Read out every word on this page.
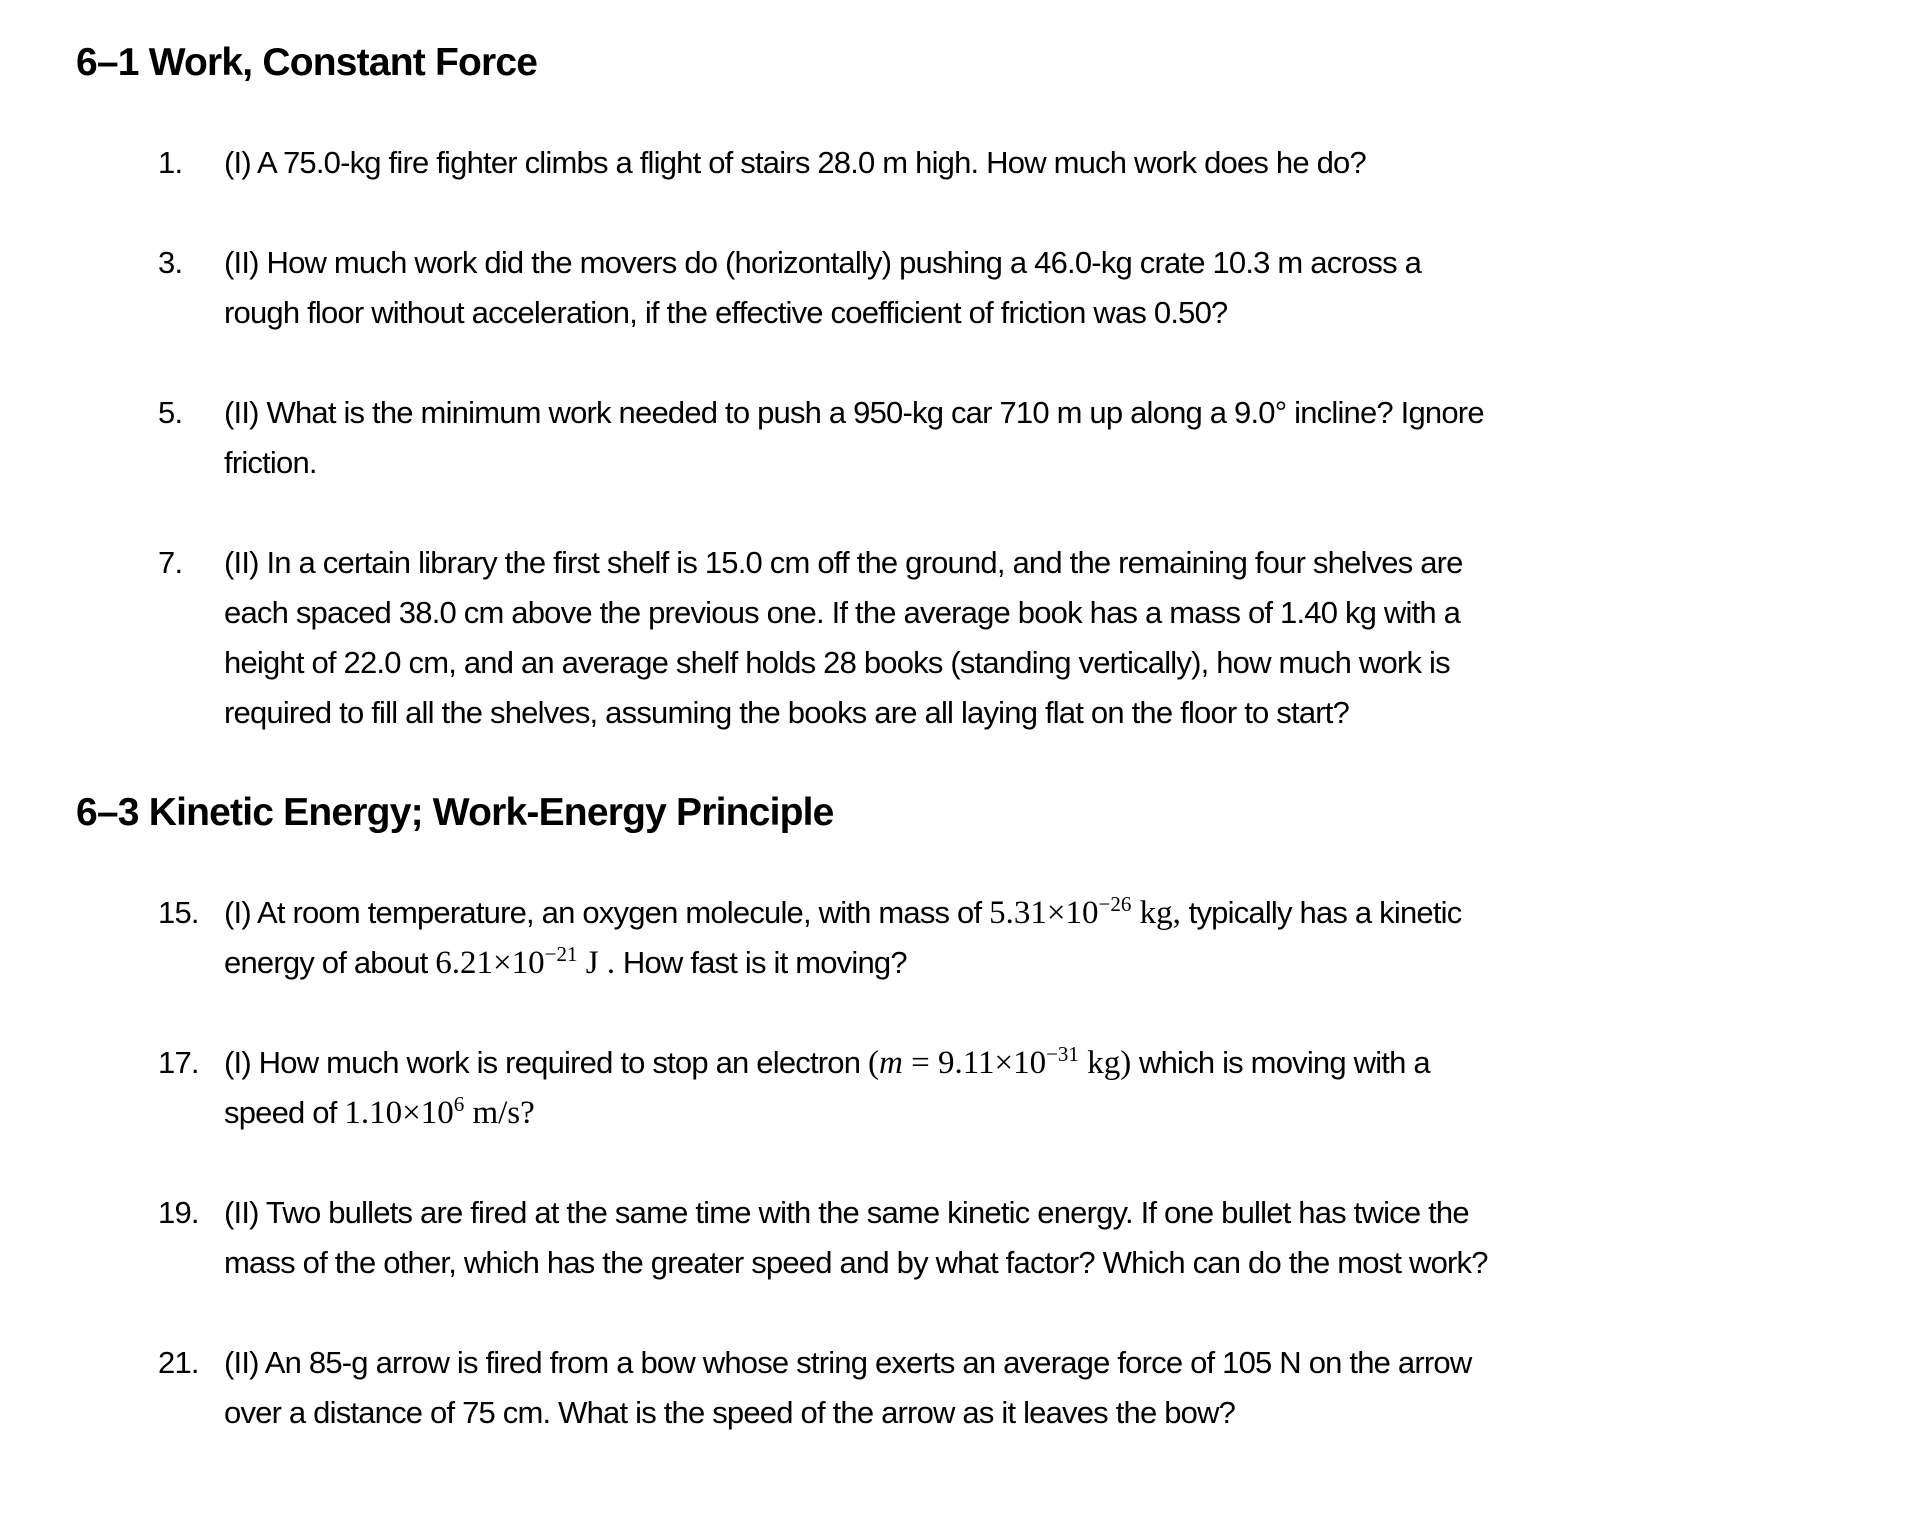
6–1 Work, Constant Force
1.	(I) A 75.0-kg fire fighter climbs a flight of stairs 28.0 m high. How much work does he do?
3.	(II) How much work did the movers do (horizontally) pushing a 46.0-kg crate 10.3 m across a rough floor without acceleration, if the effective coefficient of friction was 0.50?
5.	(II) What is the minimum work needed to push a 950-kg car 710 m up along a 9.0° incline? Ignore friction.
7.	(II) In a certain library the first shelf is 15.0 cm off the ground, and the remaining four shelves are each spaced 38.0 cm above the previous one. If the average book has a mass of 1.40 kg with a height of 22.0 cm, and an average shelf holds 28 books (standing vertically), how much work is required to fill all the shelves, assuming the books are all laying flat on the floor to start?
6–3 Kinetic Energy; Work-Energy Principle
15. (I) At room temperature, an oxygen molecule, with mass of $5.31\times 10^{-26}$ kg, typically has a kinetic energy of about $6.21\times 10^{-21}$ J . How fast is it moving?
17. (I) How much work is required to stop an electron ($m = 9.11\times 10^{-31}$ kg) which is moving with a speed of $1.10\times 10^6$ m/s?
19. (II) Two bullets are fired at the same time with the same kinetic energy. If one bullet has twice the mass of the other, which has the greater speed and by what factor? Which can do the most work?
21. (II) An 85-g arrow is fired from a bow whose string exerts an average force of 105 N on the arrow over a distance of 75 cm. What is the speed of the arrow as it leaves the bow?
